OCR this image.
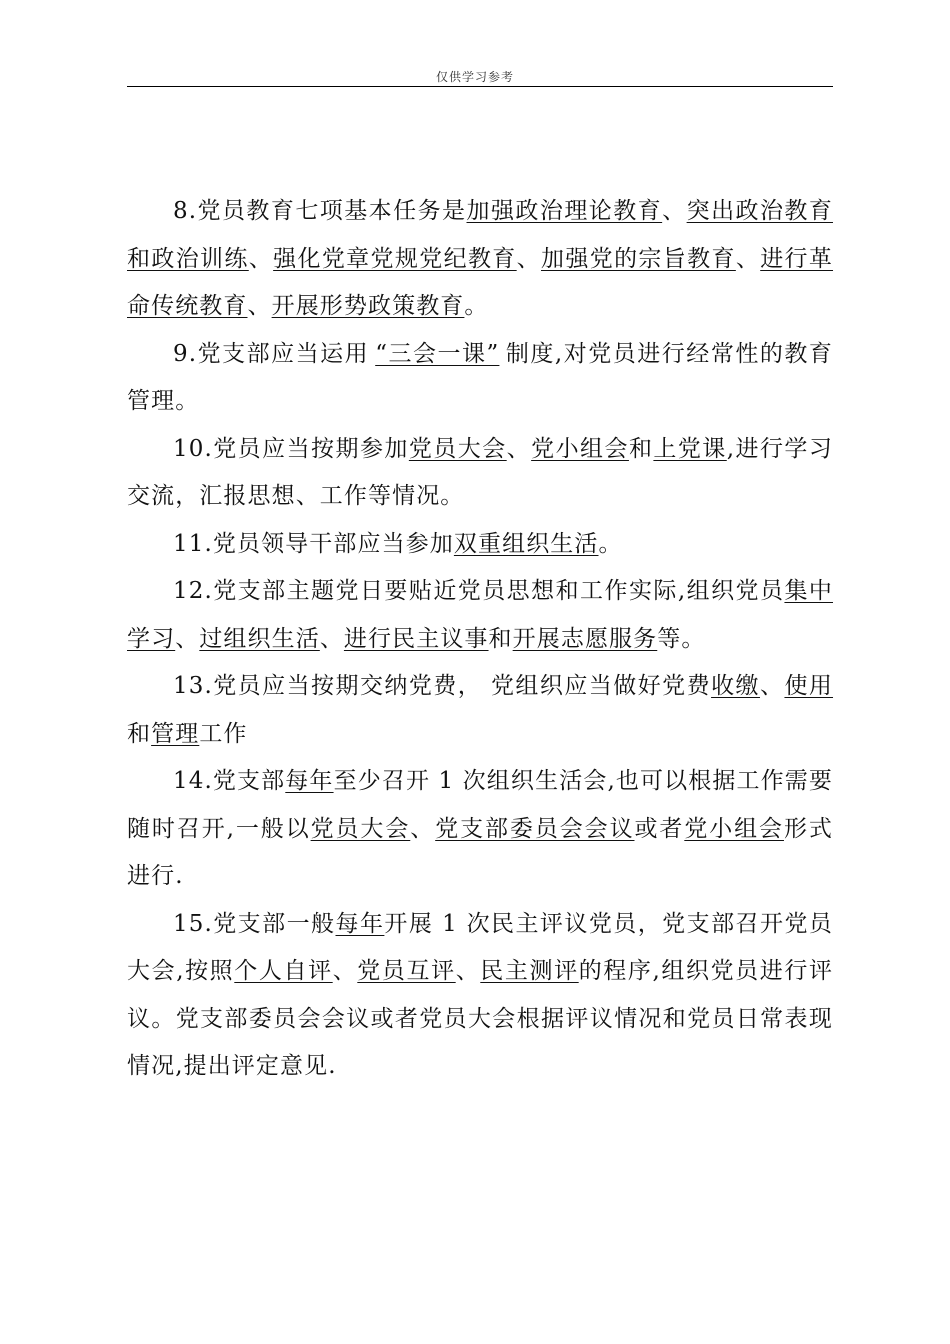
仅供学习参考

8.党员教育七项基本任务是加强政治理论教育、突出政治教育和政治训练、强化党章党规党纪教育、加强党的宗旨教育、进行革命传统教育、开展形势政策教育。

9.党支部应当运用 “三会一课” 制度,对党员进行经常性的教育管理。

10.党员应当按期参加党员大会、党小组会和上党课,进行学习交流，汇报思想、工作等情况。

11.党员领导干部应当参加双重组织生活。

12.党支部主题党日要贴近党员思想和工作实际,组织党员集中学习、过组织生活、进行民主议事和开展志愿服务等。

13.党员应当按期交纳党费， 党组织应当做好党费收缴、使用和管理工作

14.党支部每年至少召开 1 次组织生活会,也可以根据工作需要随时召开,一般以党员大会、党支部委员会会议或者党小组会形式进行.

15.党支部一般每年开展 1 次民主评议党员，党支部召开党员大会,按照个人自评、党员互评、民主测评的程序,组织党员进行评议。党支部委员会会议或者党员大会根据评议情况和党员日常表现情况,提出评定意见.
